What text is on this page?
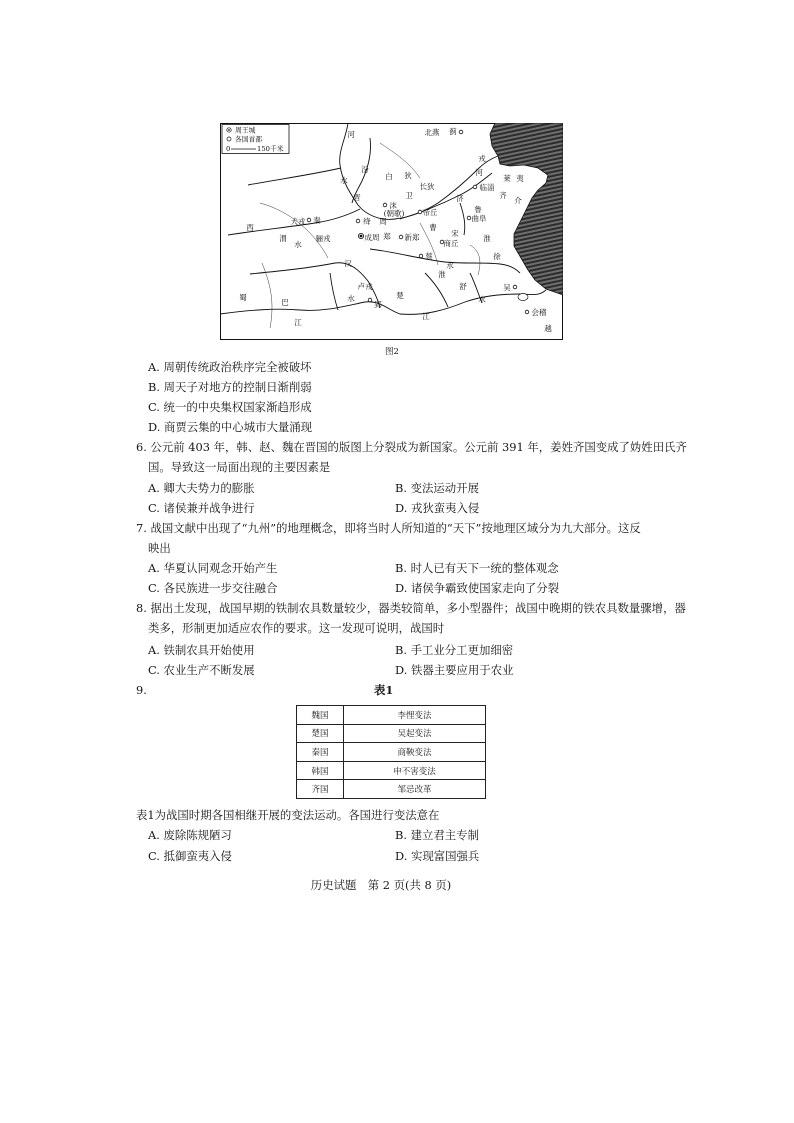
周王城
各国首都
0	150千米
河	北燕 蓟
戎
河
汾
水	白 狄
长狄	临淄
齐
莱 夷
介
晋	卫	济
沫
(朝歌) 帝丘	鲁
曲阜
西
犬戎 秦	绛 周
曹
宋
商丘
渭
水
骊戎	成周 郑 新郑	淮
蔡
水
徐
汉
淮
卢戎
水	楚
郢
舒	吴
水
蜀
巴
江
江	会稽
越
图2
A. 周朝传统政治秩序完全被破坏
B. 周天子对地方的控制日渐削弱
C. 统一的中央集权国家渐趋形成
D. 商贾云集的中心城市大量涌现
6. 公元前 403 年，韩、赵、魏在晋国的版图上分裂成为新国家。公元前 391 年，姜姓齐国变成了妫姓田氏齐
国。导致这一局面出现的主要因素是
A. 卿大夫势力的膨胀	B. 变法运动开展
C. 诸侯兼并战争进行	D. 戎狄蛮夷入侵
7. 战国文献中出现了“九州”的地理概念，即将当时人所知道的“天下”按地理区域分为九大部分。这反
映出
A. 华夏认同观念开始产生	B. 时人已有天下一统的整体观念
C. 各民族进一步交往融合	D. 诸侯争霸致使国家走向了分裂
8. 据出土发现，战国早期的铁制农具数量较少，器类较简单，多小型器件；战国中晚期的铁农具数量骤增，器
类多，形制更加适应农作的要求。这一发现可说明，战国时
A. 铁制农具开始使用	B. 手工业分工更加细密
C. 农业生产不断发展	D. 铁器主要应用于农业
9.	表1
魏国	李悝变法
楚国	吴起变法
秦国	商鞅变法
韩国	申不害变法
齐国	邹忌改革
表1为战国时期各国相继开展的变法运动。各国进行变法意在
A. 废除陈规陋习	B. 建立君主专制
C. 抵御蛮夷入侵	D. 实现富国强兵
历史试题　第 2 页(共 8 页)
